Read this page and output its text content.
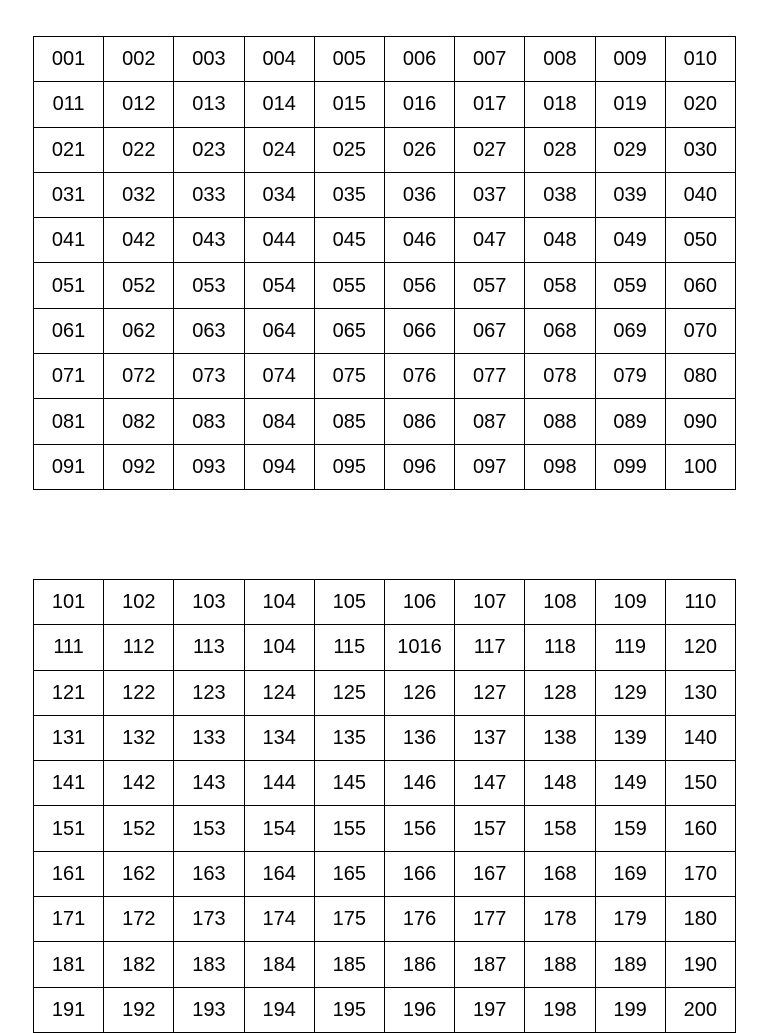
001	002	003	004	005	006	007	008	009	010
011	012	013	014	015	016	017	018	019	020
021	022	023	024	025	026	027	028	029	030
031	032	033	034	035	036	037	038	039	040
041	042	043	044	045	046	047	048	049	050
051	052	053	054	055	056	057	058	059	060
061	062	063	064	065	066	067	068	069	070
071	072	073	074	075	076	077	078	079	080
081	082	083	084	085	086	087	088	089	090
091	092	093	094	095	096	097	098	099	100
101	102	103	104	105	106	107	108	109	110
111	112	113	104	115	1016	117	118	119	120
121	122	123	124	125	126	127	128	129	130
131	132	133	134	135	136	137	138	139	140
141	142	143	144	145	146	147	148	149	150
151	152	153	154	155	156	157	158	159	160
161	162	163	164	165	166	167	168	169	170
171	172	173	174	175	176	177	178	179	180
181	182	183	184	185	186	187	188	189	190
191	192	193	194	195	196	197	198	199	200
